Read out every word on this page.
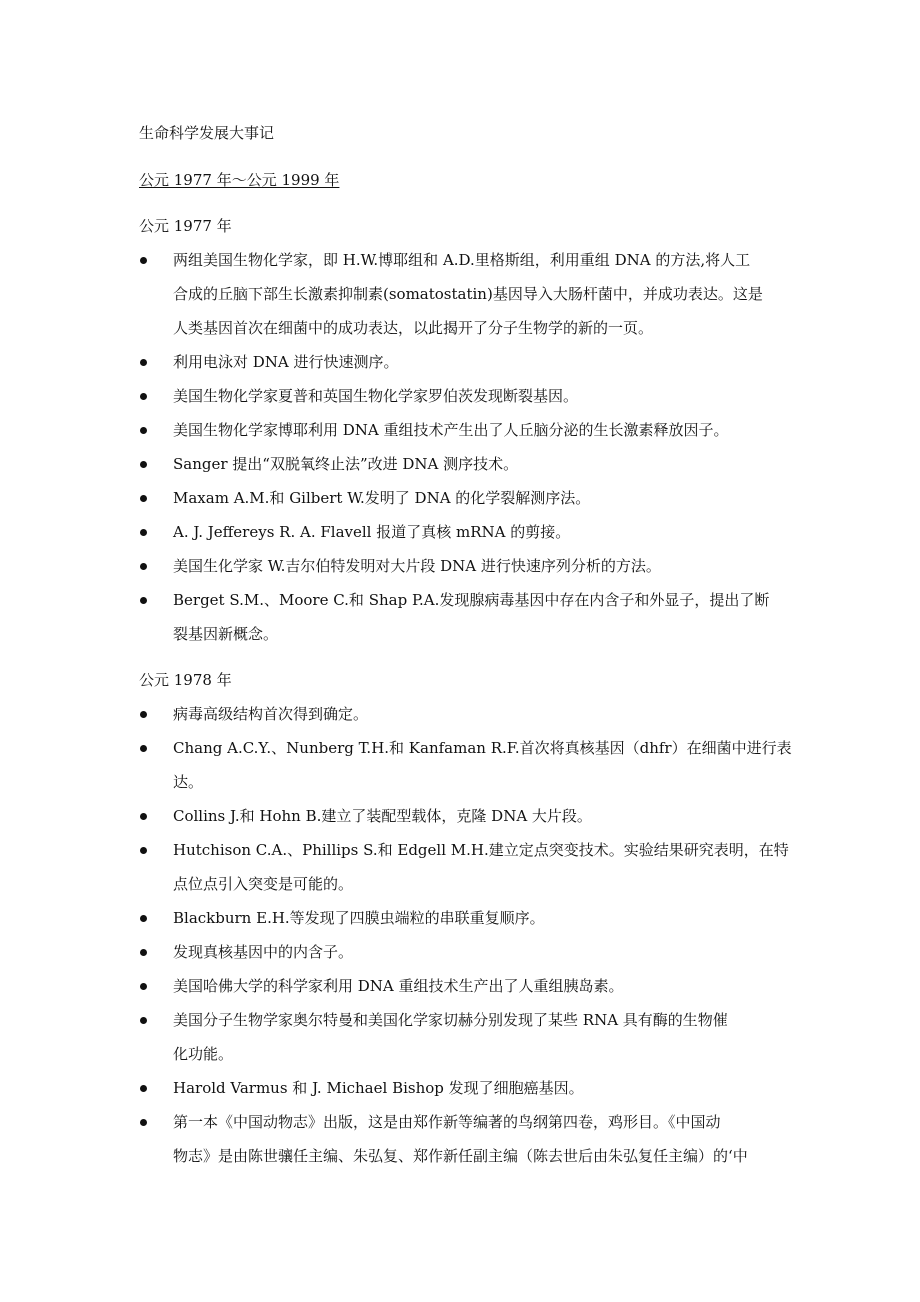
生命科学发展大事记
公元 1977 年～公元 1999 年
公元 1977 年
两组美国生物化学家，即 H.W.博耶组和 A.D.里格斯组，利用重组 DNA 的方法,将人工
合成的丘脑下部生长激素抑制素(somatostatin)基因导入大肠杆菌中，并成功表达。这是
人类基因首次在细菌中的成功表达，以此揭开了分子生物学的新的一页。
利用电泳对 DNA 进行快速测序。
美国生物化学家夏普和英国生物化学家罗伯茨发现断裂基因。
美国生物化学家博耶利用 DNA 重组技术产生出了人丘脑分泌的生长激素释放因子。
Sanger 提出“双脱氧终止法”改进 DNA 测序技术。
Maxam A.M.和 Gilbert W.发明了 DNA 的化学裂解测序法。
A. J. Jeffereys R. A. Flavell 报道了真核 mRNA 的剪接。
美国生化学家 W.吉尔伯特发明对大片段 DNA 进行快速序列分析的方法。
Berget S.M.、Moore C.和 Shap P.A.发现腺病毒基因中存在内含子和外显子，提出了断
裂基因新概念。
公元 1978 年
病毒高级结构首次得到确定。
Chang A.C.Y.、Nunberg T.H.和 Kanfaman R.F.首次将真核基因（dhfr）在细菌中进行表
达。
Collins J.和 Hohn B.建立了装配型载体，克隆 DNA 大片段。
Hutchison C.A.、Phillips S.和 Edgell M.H.建立定点突变技术。实验结果研究表明，在特
点位点引入突变是可能的。
Blackburn E.H.等发现了四膜虫端粒的串联重复顺序。
发现真核基因中的内含子。
美国哈佛大学的科学家利用 DNA 重组技术生产出了人重组胰岛素。
美国分子生物学家奥尔特曼和美国化学家切赫分别发现了某些 RNA 具有酶的生物催
化功能。
Harold Varmus 和 J. Michael Bishop 发现了细胞癌基因。
第一本《中国动物志》出版，这是由郑作新等编著的鸟纲第四卷，鸡形目。《中国动
物志》是由陈世骧任主编、朱弘复、郑作新任副主编（陈去世后由朱弘复任主编）的‘中
